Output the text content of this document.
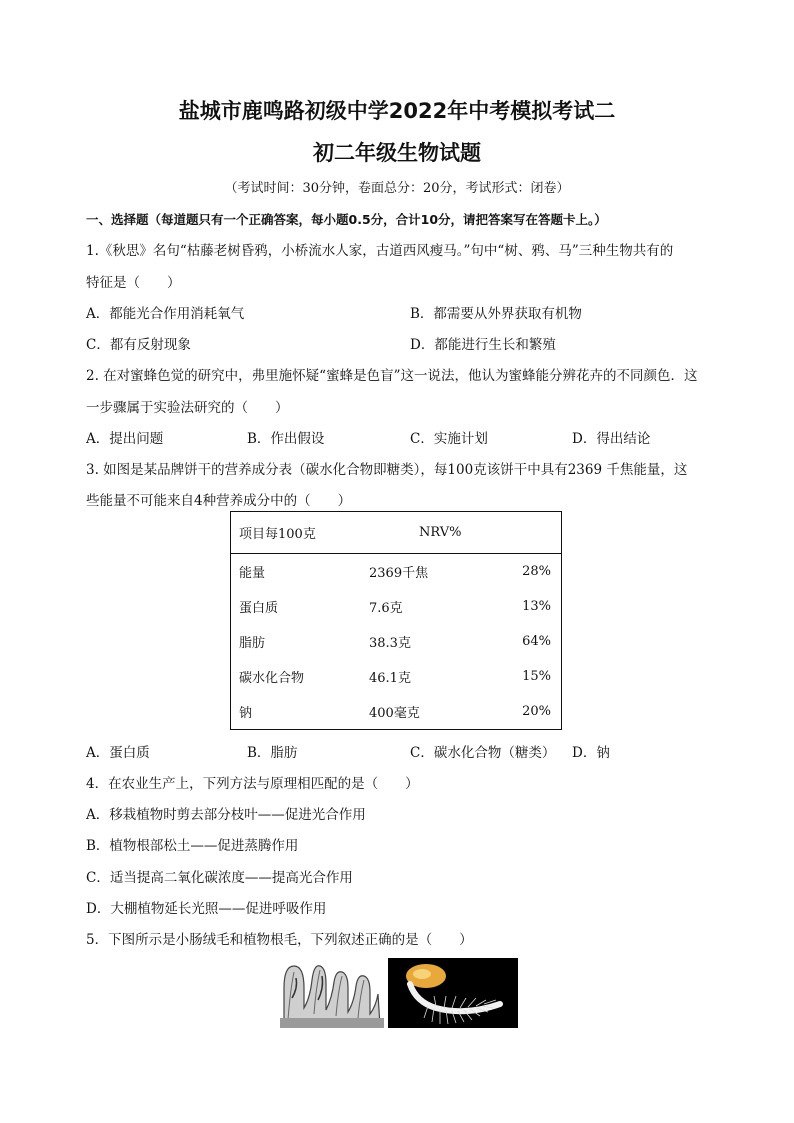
盐城市鹿鸣路初级中学2022年中考模拟考试二
初二年级生物试题
（考试时间：30分钟，卷面总分：20分，考试形式：闭卷）
一、选择题（每道题只有一个正确答案，每小题0.5分，合计10分，请把答案写在答题卡上。）
1.《秋思》名句“枯藤老树昏鸦，小桥流水人家，古道西风瘦马。”句中“树、鸦、马”三种生物共有的
特征是（　　）
A．都能光合作用消耗氧气	B．都需要从外界获取有机物
C．都有反射现象	D．都能进行生长和繁殖
2. 在对蜜蜂色觉的研究中，弗里施怀疑“蜜蜂是色盲”这一说法，他认为蜜蜂能分辨花卉的不同颜色．这
一步骤属于实验法研究的（　　）
A．提出问题	B．作出假设	C．实施计划	D．得出结论
3. 如图是某品牌饼干的营养成分表（碳水化合物即糖类），每100克该饼干中具有2369 千焦能量，这
些能量不可能来自4种营养成分中的（　　）
项目每100克	NRV%	
能量	2369千焦	28%
蛋白质	7.6克	13%
脂肪	38.3克	64%
碳水化合物	46.1克	15%
钠	400毫克	20%
A．蛋白质	B．脂肪	C．碳水化合物（糖类） D．钠
4．在农业生产上，下列方法与原理相匹配的是（　　）
A．移栽植物时剪去部分枝叶——促进光合作用
B．植物根部松土——促进蒸腾作用
C．适当提高二氧化碳浓度——提高光合作用
D．大棚植物延长光照——促进呼吸作用
5．下图所示是小肠绒毛和植物根毛，下列叙述正确的是（　　）
